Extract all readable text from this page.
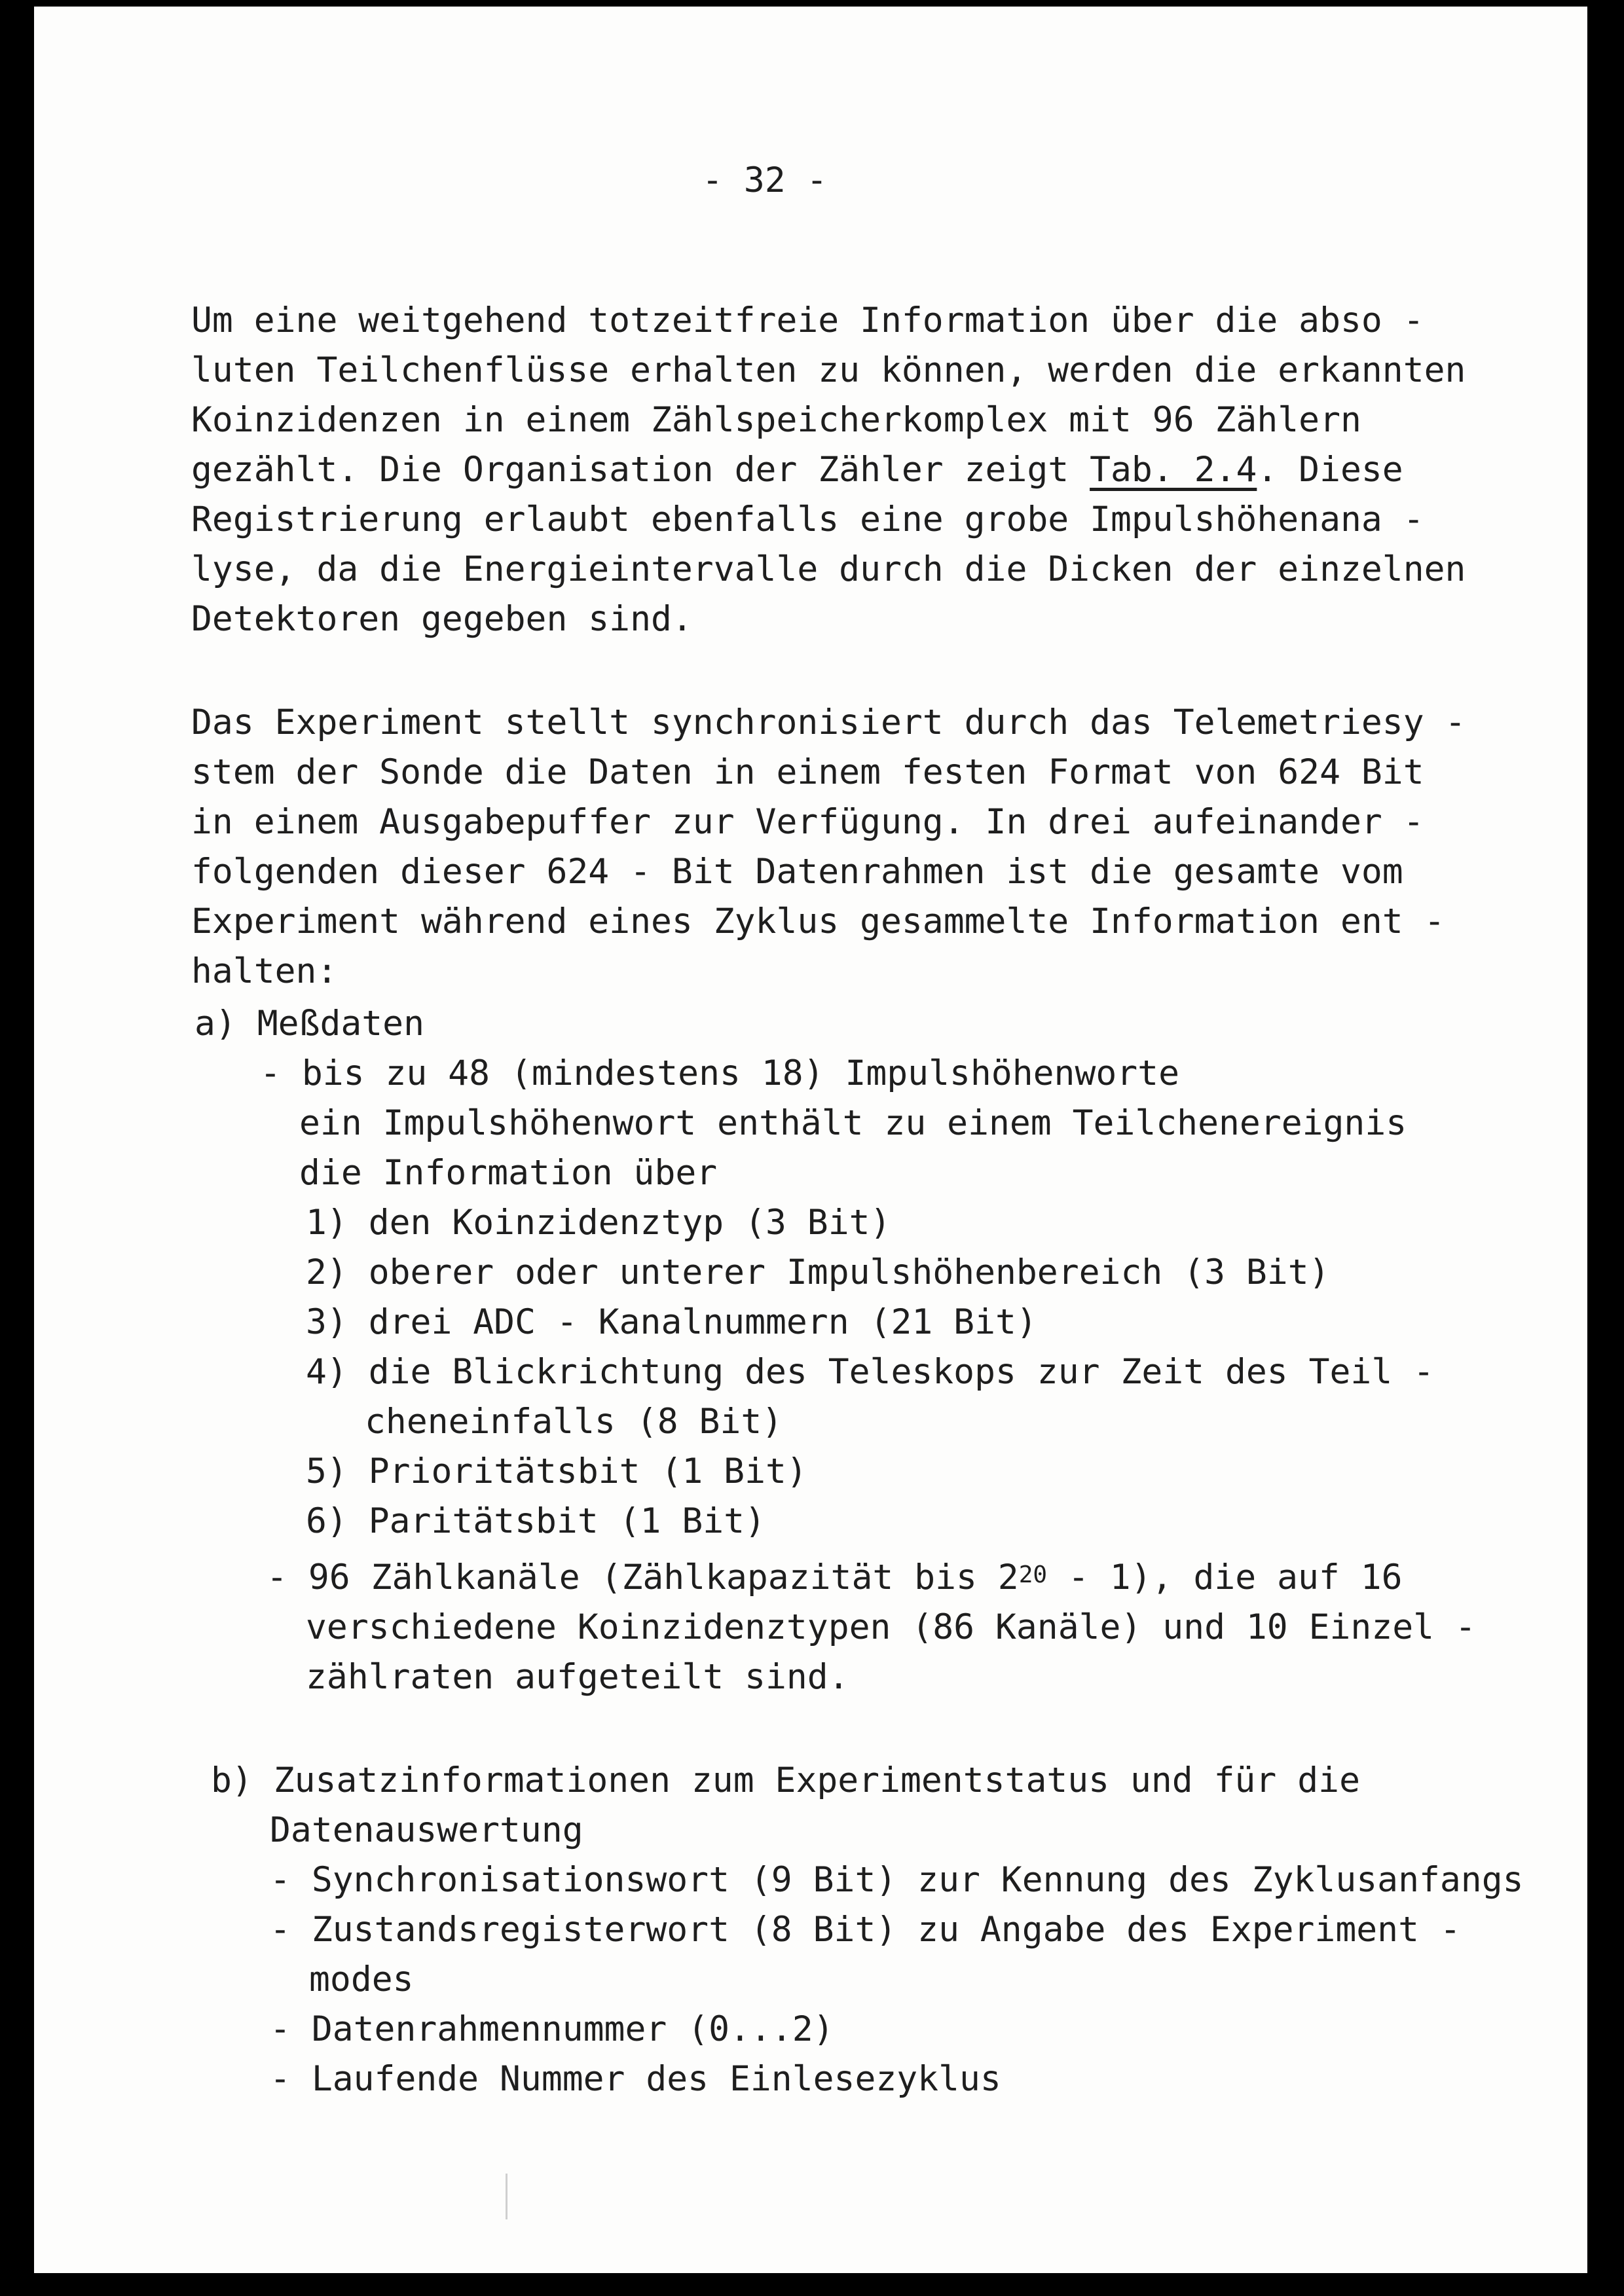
- 32 -
Um eine weitgehend totzeitfreie Information über die abso -
luten Teilchenflüsse erhalten zu können, werden die erkannten
Koinzidenzen in einem Zählspeicherkomplex mit 96 Zählern
gezählt. Die Organisation der Zähler zeigt Tab. 2.4. Diese
Registrierung erlaubt ebenfalls eine grobe Impulshöhenana -
lyse, da die Energieintervalle durch die Dicken der einzelnen
Detektoren gegeben sind.
Das Experiment stellt synchronisiert durch das Telemetriesy -
stem der Sonde die Daten in einem festen Format von 624 Bit
in einem Ausgabepuffer zur Verfügung. In drei aufeinander -
folgenden dieser 624 - Bit Datenrahmen ist die gesamte vom
Experiment während eines Zyklus gesammelte Information ent -
halten:
a) Meßdaten
- bis zu 48 (mindestens 18) Impulshöhenworte
ein Impulshöhenwort enthält zu einem Teilchenereignis
die Information über
1) den Koinzidenztyp (3 Bit)
2) oberer oder unterer Impulshöhenbereich (3 Bit)
3) drei ADC - Kanalnummern (21 Bit)
4) die Blickrichtung des Teleskops zur Zeit des Teil -
cheneinfalls (8 Bit)
5) Prioritätsbit (1 Bit)
6) Paritätsbit (1 Bit)
- 96 Zählkanäle (Zählkapazität bis $2^{20} - 1$), die auf 16
verschiedene Koinzidenztypen (86 Kanäle) und 10 Einzel -
zählraten aufgeteilt sind.
b) Zusatzinformationen zum Experimentstatus und für die
Datenauswertung
- Synchronisationswort (9 Bit) zur Kennung des Zyklusanfangs
- Zustandsregisterwort (8 Bit) zu Angabe des Experiment -
modes
- Datenrahmennummer (0...2)
- Laufende Nummer des Einlesezyklus
